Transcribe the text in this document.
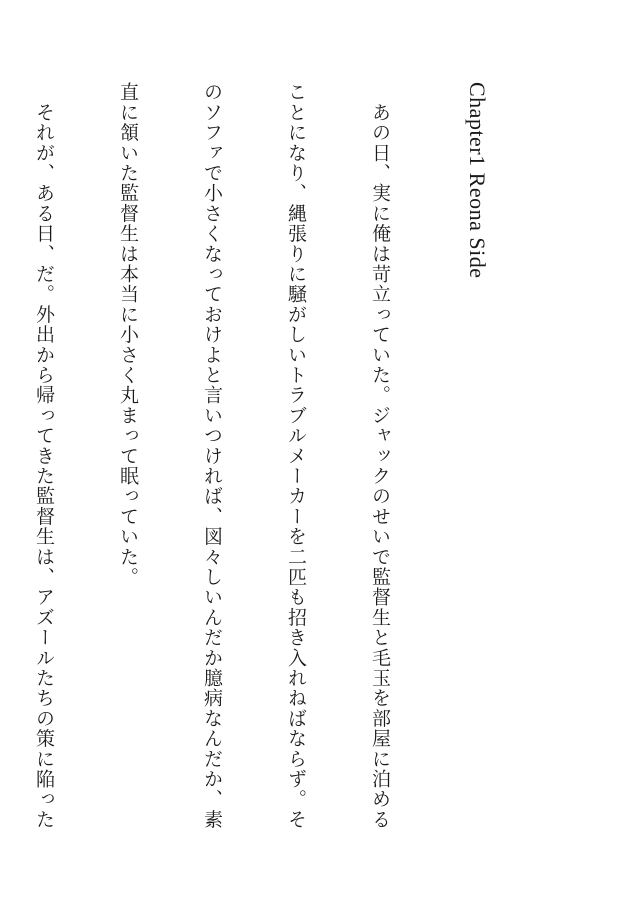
Chapter1 Reona Side

　あの日、実に俺は苛立っていた。ジャックのせいで監督生と毛玉を部屋に泊める

ことになり、縄張りに騒がしいトラブルメーカーを二匹も招き入れねばならず。そ

のソファで小さくなっておけよと言いつければ、図々しいんだか臆病なんだか、素

直に頷いた監督生は本当に小さく丸まって眠っていた。

　それが、ある日、だ。外出から帰ってきた監督生は、アズールたちの策に陥った
